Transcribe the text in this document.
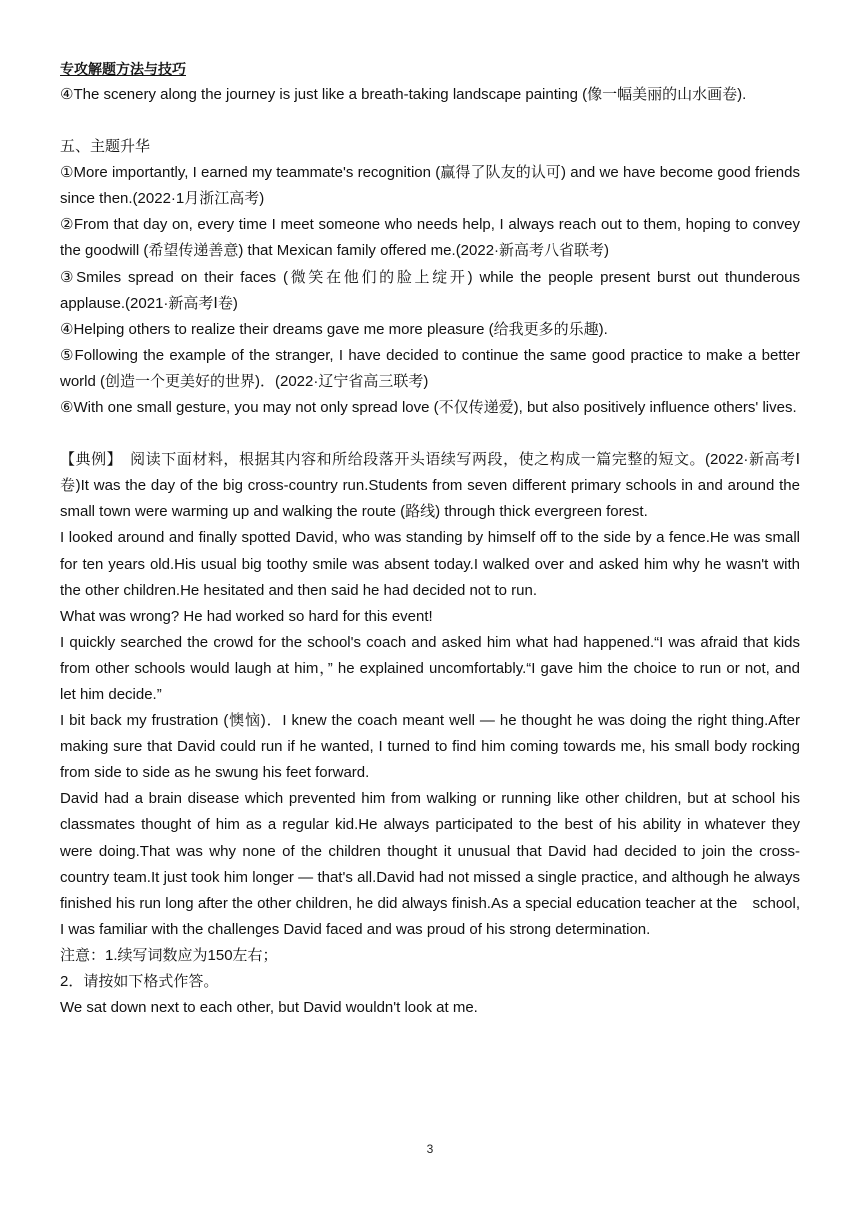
专攻解题方法与技巧

④The scenery along the journey is just like a breath-taking landscape painting (像一幅美丽的山水画卷).

五、主题升华

①More importantly, I earned my teammate's recognition (赢得了队友的认可) and we have become good friends since then.(2022·1月浙江高考)

②From that day on, every time I meet someone who needs help, I always reach out to them, hoping to convey the goodwill (希望传递善意) that Mexican family offered me.(2022·新高考八省联考)

③Smiles spread on their faces (微笑在他们的脸上绽开) while the people present burst out thunderous applause.(2021·新高考Ⅰ卷)

④Helping others to realize their dreams gave me more pleasure (给我更多的乐趣).

⑤Following the example of the stranger, I have decided to continue the same good practice to make a better world (创造一个更美好的世界)．(2022·辽宁省高三联考)

⑥With one small gesture, you may not only spread love (不仅传递爱), but also positively influence others' lives.

【典例】　阅读下面材料，根据其内容和所给段落开头语续写两段，使之构成一篇完整的短文。(2022·新高考Ⅰ卷)It was the day of the big cross-country run.Students from seven different primary schools in and around the small town were warming up and walking the route (路线) through thick evergreen forest.

I looked around and finally spotted David, who was standing by himself off to the side by a fence.He was small for ten years old.His usual big toothy smile was absent today.I walked over and asked him why he wasn't with the other children.He hesitated and then said he had decided not to run.

What was wrong? He had worked so hard for this event!

I quickly searched the crowd for the school's coach and asked him what had happened.“I was afraid that kids from other schools would laugh at him，” he explained uncomfortably.“I gave him the choice to run or not, and let him decide.”

I bit back my frustration (懊恼)．I knew the coach meant well — he thought he was doing the right thing.After making sure that David could run if he wanted, I turned to find him coming towards me, his small body rocking from side to side as he swung his feet forward.

David had a brain disease which prevented him from walking or running like other children, but at school his classmates thought of him as a regular kid.He always participated to the best of his ability in whatever they were doing.That was why none of the children thought it unusual that David had decided to join the cross-country team.It just took him longer — that's all.David had not missed a single practice, and although he always finished his run long after the other children, he did always finish.As a special education teacher at the　school, I was familiar with the challenges David faced and was proud of his strong determination.

注意：1.续写词数应为150左右；

2．请按如下格式作答。

We sat down next to each other, but David wouldn't look at me.

3
